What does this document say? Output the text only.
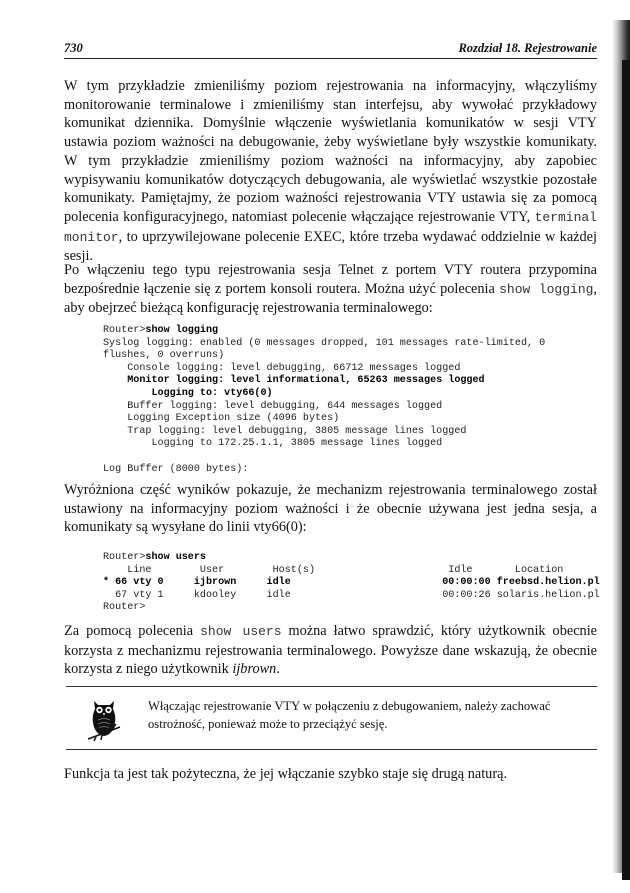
730	Rozdział 18. Rejestrowanie

W tym przykładzie zmieniliśmy poziom rejestrowania na informacyjny, włączyliśmy monitorowanie terminalowe i zmieniliśmy stan interfejsu, aby wywołać przykładowy komunikat dziennika. Domyślnie włączenie wyświetlania komunikatów w sesji VTY ustawia poziom ważności na debugowanie, żeby wyświetlane były wszystkie komunikaty. W tym przykładzie zmieniliśmy poziom ważności na informacyjny, aby zapobiec wypisywaniu komunikatów dotyczących debugowania, ale wyświetlać wszystkie pozostałe komunikaty. Pamiętajmy, że poziom ważności rejestrowania VTY ustawia się za pomocą polecenia konfiguracyjnego, natomiast polecenie włączające rejestrowanie VTY, terminal monitor, to uprzywilejowane polecenie EXEC, które trzeba wydawać oddzielnie w każdej sesji.

Po włączeniu tego typu rejestrowania sesja Telnet z portem VTY routera przypomina bezpośrednie łączenie się z portem konsoli routera. Można użyć polecenia show logging, aby obejrzeć bieżącą konfigurację rejestrowania terminalowego:

Router>show logging
Syslog logging: enabled (0 messages dropped, 101 messages rate-limited, 0
flushes, 0 overruns)
Console logging: level debugging, 66712 messages logged
Monitor logging: level informational, 65263 messages logged
Logging to: vty66(0)
Buffer logging: level debugging, 644 messages logged
Logging Exception size (4096 bytes)
Trap logging: level debugging, 3805 message lines logged
Logging to 172.25.1.1, 3805 message lines logged

Log Buffer (8000 bytes):

Wyróżniona część wyników pokazuje, że mechanizm rejestrowania terminalowego został ustawiony na informacyjny poziom ważności i że obecnie używana jest jedna sesja, a komunikaty są wysyłane do linii vty66(0):

Router>show users
Line        User        Host(s)                      Idle       Location
* 66 vty 0     ijbrown     idle                         00:00:00 freebsd.helion.pl
67 vty 1     kdooley     idle                         00:00:26 solaris.helion.pl
Router>

Za pomocą polecenia show users można łatwo sprawdzić, który użytkownik obecnie korzysta z mechanizmu rejestrowania terminalowego. Powyższe dane wskazują, że obecnie korzysta z niego użytkownik ijbrown.

Włączając rejestrowanie VTY w połączeniu z debugowaniem, należy zachować ostrożność, ponieważ może to przeciążyć sesję.

Funkcja ta jest tak pożyteczna, że jej włączanie szybko staje się drugą naturą.
